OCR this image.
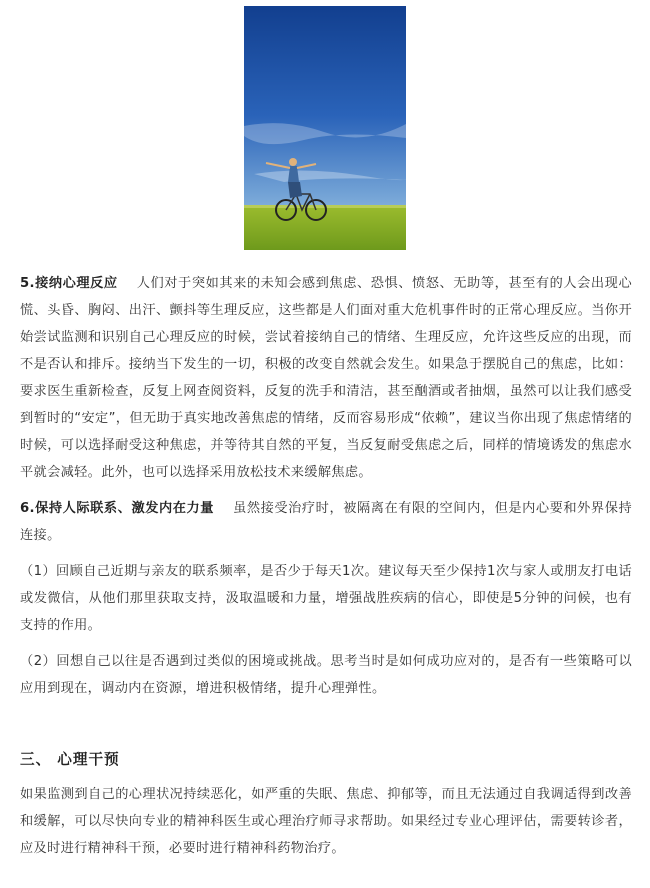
5.接纳心理反应 人们对于突如其来的未知会感到焦虑、恐惧、愤怒、无助等，甚至有的人会出现心慌、头昏、胸闷、出汗、颤抖等生理反应，这些都是人们面对重大危机事件时的正常心理反应。当你开始尝试监测和识别自己心理反应的时候，尝试着接纳自己的情绪、生理反应，允许这些反应的出现，而不是否认和排斥。接纳当下发生的一切，积极的改变自然就会发生。如果急于摆脱自己的焦虑，比如：要求医生重新检查，反复上网查阅资料，反复的洗手和清洁，甚至酗酒或者抽烟，虽然可以让我们感受到暂时的“安定”，但无助于真实地改善焦虑的情绪，反而容易形成“依赖”，建议当你出现了焦虑情绪的时候，可以选择耐受这种焦虑，并等待其自然的平复，当反复耐受焦虑之后，同样的情境诱发的焦虑水平就会减轻。此外，也可以选择采用放松技术来缓解焦虑。

6.保持人际联系、激发内在力量 虽然接受治疗时，被隔离在有限的空间内，但是内心要和外界保持连接。

（1）回顾自己近期与亲友的联系频率，是否少于每天1次。建议每天至少保持1次与家人或朋友打电话或发微信，从他们那里获取支持，汲取温暖和力量，增强战胜疾病的信心，即使是5分钟的问候，也有支持的作用。

（2）回想自己以往是否遇到过类似的困境或挑战。思考当时是如何成功应对的，是否有一些策略可以应用到现在，调动内在资源，增进积极情绪，提升心理弹性。

三、 心理干预

如果监测到自己的心理状况持续恶化，如严重的失眠、焦虑、抑郁等，而且无法通过自我调适得到改善和缓解，可以尽快向专业的精神科医生或心理治疗师寻求帮助。如果经过专业心理评估，需要转诊者，应及时进行精神科干预，必要时进行精神科药物治疗。
